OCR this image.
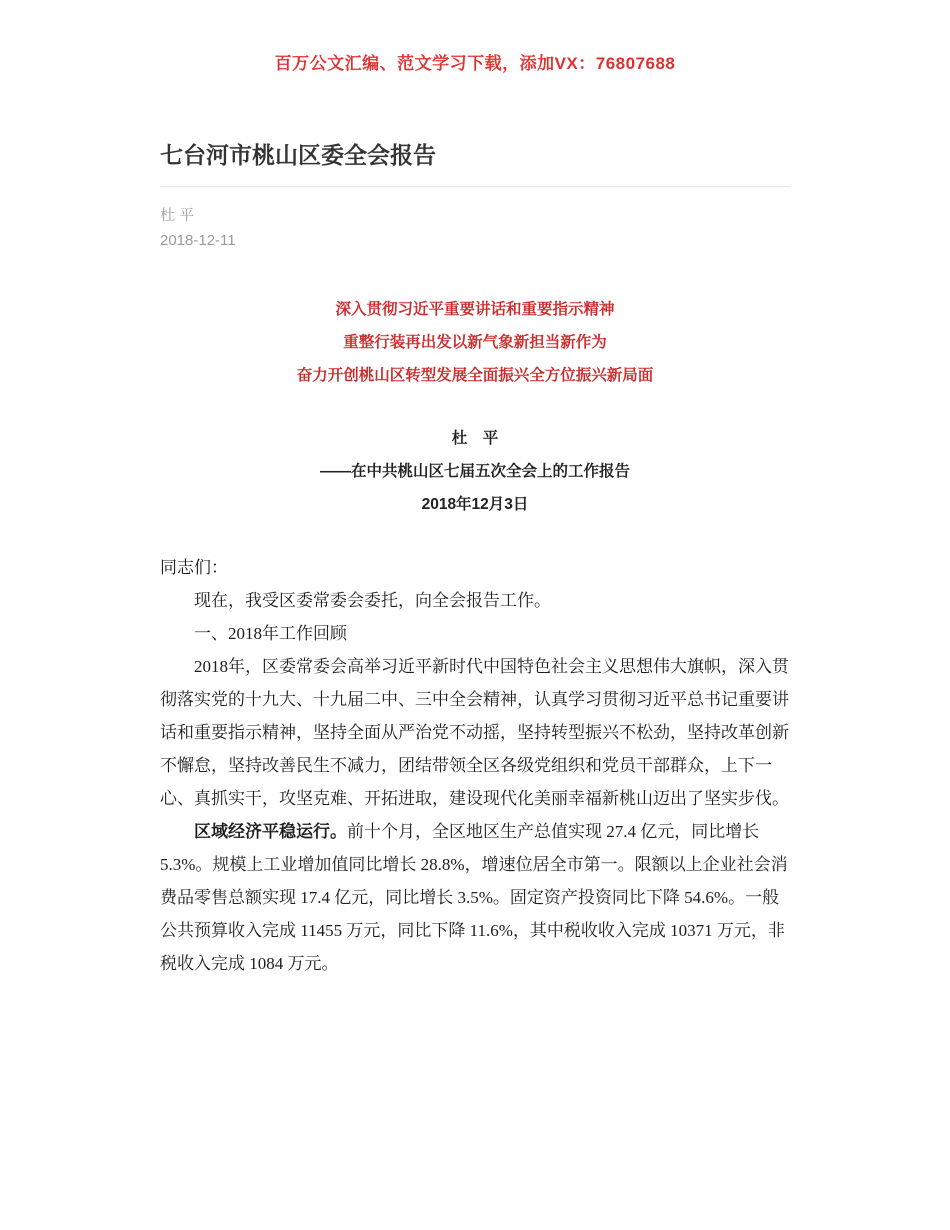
百万公文汇编、范文学习下载，添加VX：76807688
七台河市桃山区委全会报告
杜 平
2018-12-11
深入贯彻习近平重要讲话和重要指示精神
重整行装再出发以新气象新担当新作为
奋力开创桃山区转型发展全面振兴全方位振兴新局面
杜　平
——在中共桃山区七届五次全会上的工作报告
2018年12月3日

同志们：

现在，我受区委常委会委托，向全会报告工作。

一、2018年工作回顾

2018年，区委常委会高举习近平新时代中国特色社会主义思想伟大旗帜，深入贯彻落实党的十九大、十九届二中、三中全会精神，认真学习贯彻习近平总书记重要讲话和重要指示精神，坚持全面从严治党不动摇，坚持转型振兴不松劲，坚持改革创新不懈怠，坚持改善民生不减力，团结带领全区各级党组织和党员干部群众，上下一心、真抓实干，攻坚克难、开拓进取，建设现代化美丽幸福新桃山迈出了坚实步伐。

区域经济平稳运行。前十个月，全区地区生产总值实现 27.4 亿元，同比增长 5.3%。规模上工业增加值同比增长 28.8%，增速位居全市第一。限额以上企业社会消费品零售总额实现 17.4 亿元，同比增长 3.5%。固定资产投资同比下降 54.6%。一般公共预算收入完成 11455 万元，同比下降 11.6%，其中税收收入完成 10371 万元，非税收入完成 1084 万元。
